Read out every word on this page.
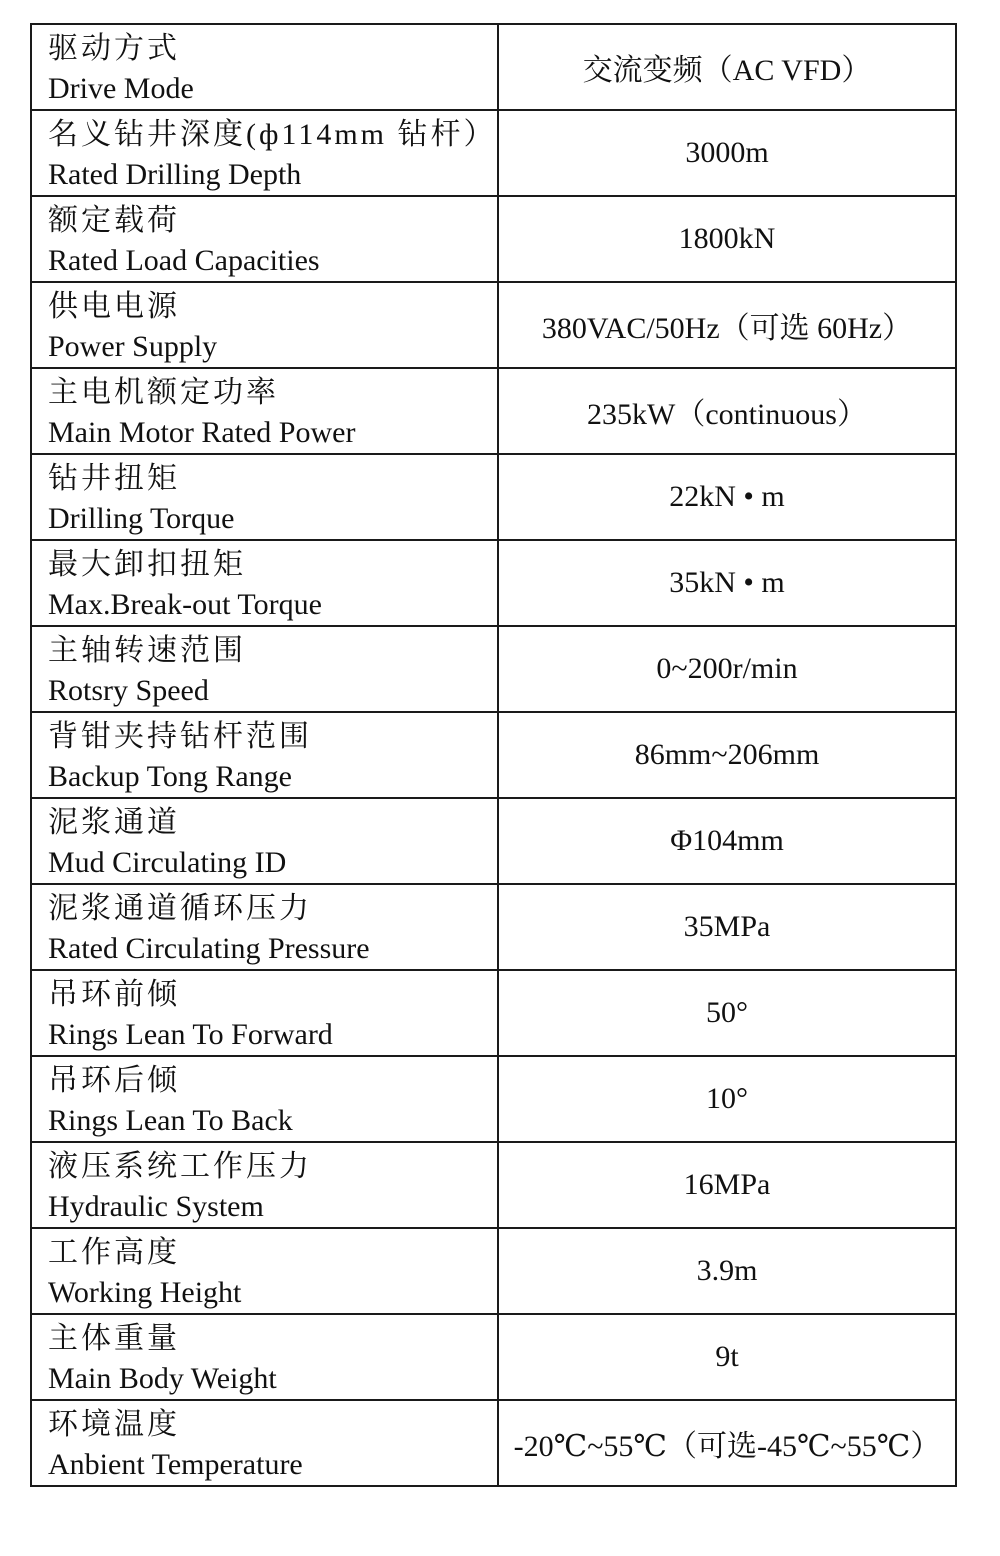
驱动方式
Drive Mode	交流变频（AC VFD）

名义钻井深度(ф114mm 钻杆）
Rated Drilling Depth	3000m

额定载荷
Rated Load Capacities	1800kN

供电电源
Power Supply	380VAC/50Hz（可选 60Hz）

主电机额定功率
Main Motor Rated Power	235kW（continuous）

钻井扭矩
Drilling Torque	22kN • m

最大卸扣扭矩
Max.Break-out Torque	35kN • m

主轴转速范围
Rotsry Speed	0~200r/min

背钳夹持钻杆范围
Backup Tong Range	86mm~206mm

泥浆通道
Mud Circulating ID	Φ104mm

泥浆通道循环压力
Rated Circulating Pressure	35MPa

吊环前倾
Rings Lean To Forward	50°

吊环后倾
Rings Lean To Back	10°

液压系统工作压力
Hydraulic System	16MPa

工作高度
Working Height	3.9m

主体重量
Main Body Weight	9t

环境温度
Anbient Temperature	-20℃~55℃（可选-45℃~55℃）
